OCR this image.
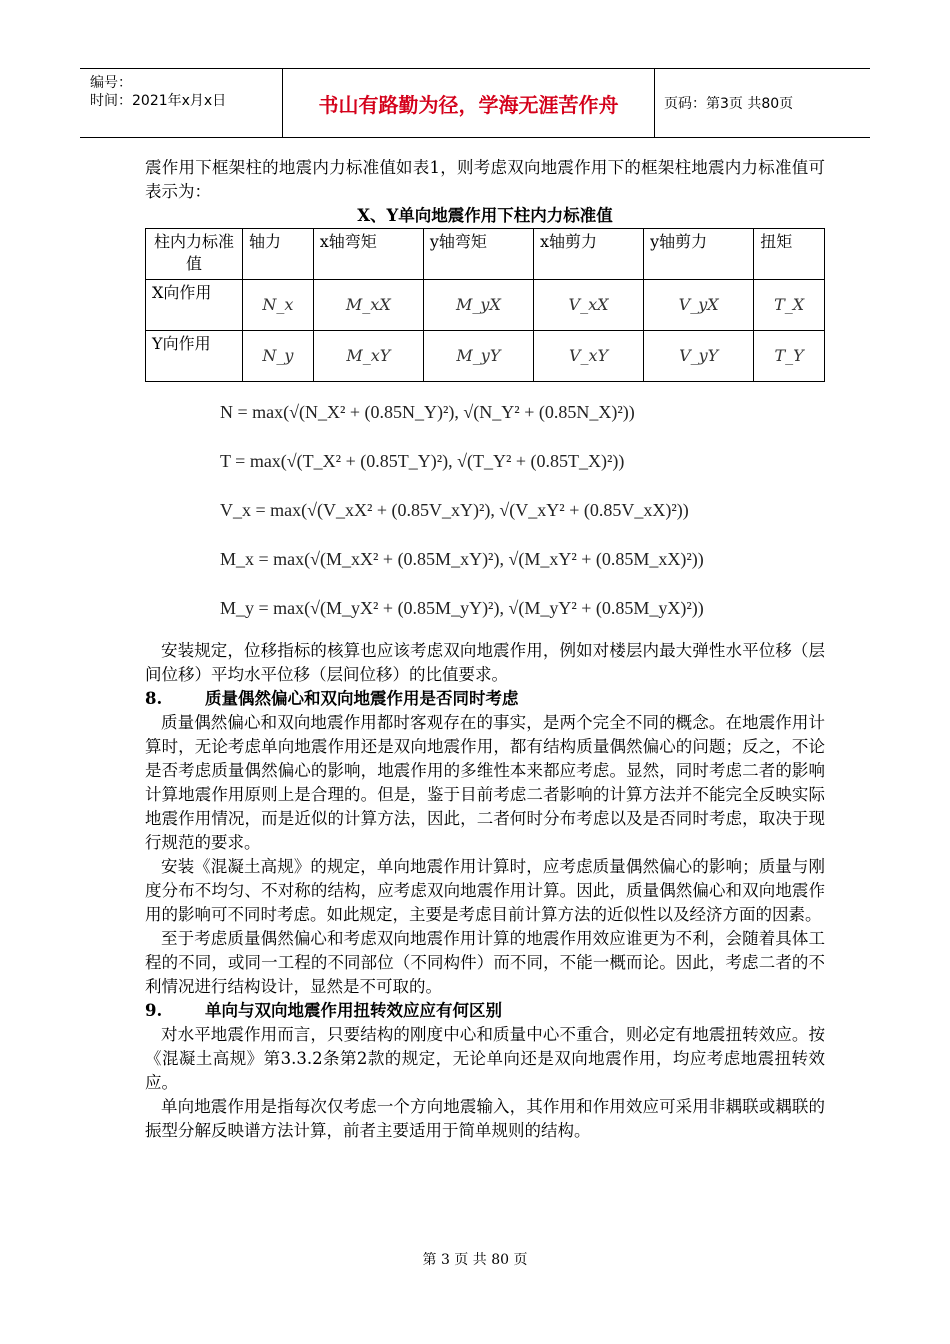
编号：
时间：2021年x月x日	书山有路勤为径，学海无涯苦作舟	页码：第3页 共80页

震作用下框架柱的地震内力标准值如表1，则考虑双向地震作用下的框架柱地震内力标准值可表示为：

X、Y单向地震作用下柱内力标准值

柱内力标准值	轴力	x轴弯矩	y轴弯矩	x轴剪力	y轴剪力	扭矩
X向作用	N_x	M_xX	M_yX	V_xX	V_yX	T_X
Y向作用	N_y	M_xY	M_yY	V_xY	V_yY	T_Y
N = max(√(N_X² + (0.85N_Y)²), √(N_Y² + (0.85N_X)²))
T = max(√(T_X² + (0.85T_Y)²), √(T_Y² + (0.85T_X)²))
V_x = max(√(V_xX² + (0.85V_xY)²), √(V_xY² + (0.85V_xX)²))
M_x = max(√(M_xX² + (0.85M_xY)²), √(M_xY² + (0.85M_xX)²))
M_y = max(√(M_yX² + (0.85M_yY)²), √(M_yY² + (0.85M_yX)²))

安装规定，位移指标的核算也应该考虑双向地震作用，例如对楼层内最大弹性水平位移（层间位移）平均水平位移（层间位移）的比值要求。

8.	质量偶然偏心和双向地震作用是否同时考虑

质量偶然偏心和双向地震作用都时客观存在的事实，是两个完全不同的概念。在地震作用计算时，无论考虑单向地震作用还是双向地震作用，都有结构质量偶然偏心的问题；反之，不论是否考虑质量偶然偏心的影响，地震作用的多维性本来都应考虑。显然，同时考虑二者的影响计算地震作用原则上是合理的。但是，鉴于目前考虑二者影响的计算方法并不能完全反映实际地震作用情况，而是近似的计算方法，因此，二者何时分布考虑以及是否同时考虑，取决于现行规范的要求。

安装《混凝土高规》的规定，单向地震作用计算时，应考虑质量偶然偏心的影响；质量与刚度分布不均匀、不对称的结构，应考虑双向地震作用计算。因此，质量偶然偏心和双向地震作用的影响可不同时考虑。如此规定，主要是考虑目前计算方法的近似性以及经济方面的因素。

至于考虑质量偶然偏心和考虑双向地震作用计算的地震作用效应谁更为不利，会随着具体工程的不同，或同一工程的不同部位（不同构件）而不同，不能一概而论。因此，考虑二者的不利情况进行结构设计，显然是不可取的。

9.	单向与双向地震作用扭转效应应有何区别

对水平地震作用而言，只要结构的刚度中心和质量中心不重合，则必定有地震扭转效应。按《混凝土高规》第3.3.2条第2款的规定，无论单向还是双向地震作用，均应考虑地震扭转效应。

单向地震作用是指每次仅考虑一个方向地震输入，其作用和作用效应可采用非耦联或耦联的振型分解反映谱方法计算，前者主要适用于简单规则的结构。

第 3 页 共 80 页
